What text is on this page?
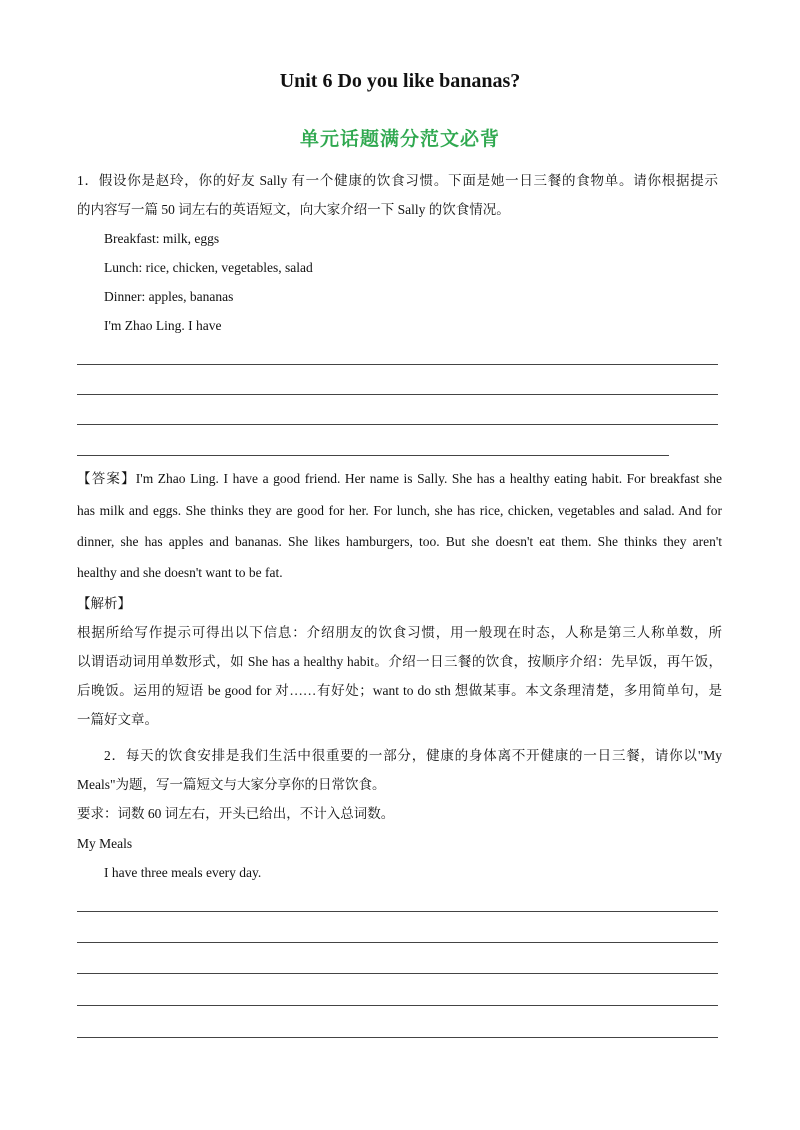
Unit 6 Do you like bananas?
单元话题满分范文必背
1．假设你是赵玲，你的好友 Sally 有一个健康的饮食习惯。下面是她一日三餐的食物单。请你根据提示
的内容写一篇 50 词左右的英语短文，向大家介绍一下 Sally 的饮食情况。
Breakfast: milk, eggs
Lunch: rice, chicken, vegetables, salad
Dinner: apples, bananas
I'm Zhao Ling. I have
【答案】I'm Zhao Ling. I have a good friend. Her name is Sally. She has a healthy eating habit. For breakfast she
has milk and eggs. She thinks they are good for her. For lunch, she has rice, chicken, vegetables and salad. And for
dinner, she has apples and bananas. She likes hamburgers, too. But she doesn't eat them. She thinks they aren't
healthy and she doesn't want to be fat.
【解析】
根据所给写作提示可得出以下信息：介绍朋友的饮食习惯，用一般现在时态，人称是第三人称单数，所
以谓语动词用单数形式，如 She has a healthy habit。介绍一日三餐的饮食，按顺序介绍：先早饭，再午饭，
后晚饭。运用的短语 be good for 对……有好处；want to do sth 想做某事。本文条理清楚，多用简单句，是
一篇好文章。
2．每天的饮食安排是我们生活中很重要的一部分，健康的身体离不开健康的一日三餐，请你以"My
Meals"为题，写一篇短文与大家分享你的日常饮食。
要求：词数 60 词左右，开头已给出，不计入总词数。
My Meals
I have three meals every day.
